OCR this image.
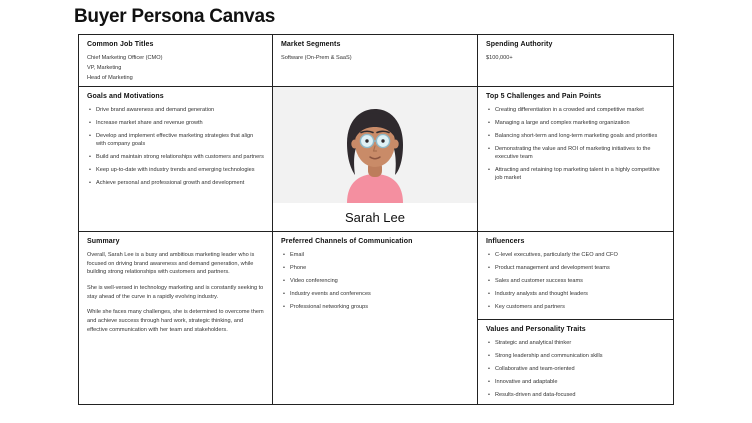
Buyer Persona Canvas
Common Job Titles
Chief Marketing Officer (CMO)
VP, Marketing
Head of Marketing
Market Segments
Software (On-Prem & SaaS)
Spending Authority
$100,000+
Goals and Motivations
• Drive brand awareness and demand generation
• Increase market share and revenue growth
• Develop and implement effective marketing strategies that align with company goals
• Build and maintain strong relationships with customers and partners
• Keep up-to-date with industry trends and emerging technologies
• Achieve personal and professional growth and development
Sarah Lee
Top 5 Challenges and Pain Points
• Creating differentiation in a crowded and competitive market
• Managing a large and complex marketing organization
• Balancing short-term and long-term marketing goals and priorities
• Demonstrating the value and ROI of marketing initiatives to the executive team
• Attracting and retaining top marketing talent in a highly competitive job market
Summary

Overall, Sarah Lee is a busy and ambitious marketing leader who is focused on driving brand awareness and demand generation, while building strong relationships with customers and partners.

She is well-versed in technology marketing and is constantly seeking to stay ahead of the curve in a rapidly evolving industry.

While she faces many challenges, she is determined to overcome them and achieve success through hard work, strategic thinking, and effective communication with her team and stakeholders.

Preferred Channels of Communication
• Email
• Phone
• Video conferencing
• Industry events and conferences
• Professional networking groups
Influencers
• C-level executives, particularly the CEO and CFO
• Product management and development teams
• Sales and customer success teams
• Industry analysts and thought leaders
• Key customers and partners
Values and Personality Traits
• Strategic and analytical thinker
• Strong leadership and communication skills
• Collaborative and team-oriented
• Innovative and adaptable
• Results-driven and data-focused
